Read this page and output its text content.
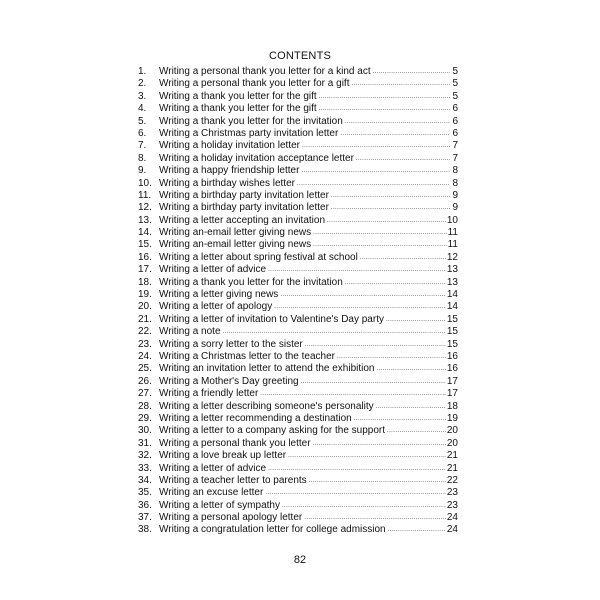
CONTENTS
1.	Writing a personal thank you letter for a kind act .....	5
2.	Writing a personal thank you letter for a gift .....	5
3.	Writing a thank you letter for the gift .....	5
4.	Writing a thank you letter for the gift .....	6
5.	Writing a thank you letter for the invitation .....	6
6.	Writing a Christmas party invitation letter .....	6
7.	Writing a holiday invitation letter .....	7
8.	Writing a holiday invitation acceptance letter .....	7
9.	Writing a happy friendship letter .....	8
10. Writing a birthday wishes letter .....	8
11. Writing a birthday party invitation letter .....	9
12. Writing a birthday party invitation letter .....	9
13. Writing a letter accepting an invitation .....	10
14. Writing an-email letter giving news .....	11
15. Writing an-email letter giving news .....	11
16. Writing a letter about spring festival at school .....	12
17. Writing a letter of advice .....	13
18. Writing a thank you letter for the invitation .....	13
19. Writing a letter giving news .....	14
20. Writing a letter of apology .....	14
21. Writing a letter of invitation to Valentine's Day party .....	15
22. Writing a note .....	15
23. Writing a sorry letter to the sister .....	15
24. Writing a Christmas letter to the teacher .....	16
25. Writing an invitation letter to attend the exhibition .....	16
26. Writing a Mother's Day greeting .....	17
27. Writing a friendly letter .....	17
28. Writing a letter describing someone's personality .....	18
29. Writing a letter recommending a destination .....	19
30. Writing a letter to a company asking for the support .....	20
31. Writing a personal thank you letter .....	20
32. Writing a love break up letter .....	21
33. Writing a letter of advice .....	21
34. Writing a teacher letter to parents .....	22
35. Writing an excuse letter .....	23
36. Writing a letter of sympathy .....	23
37. Writing a personal apology letter .....	24
38. Writing a congratulation letter for college admission .....	24
82
